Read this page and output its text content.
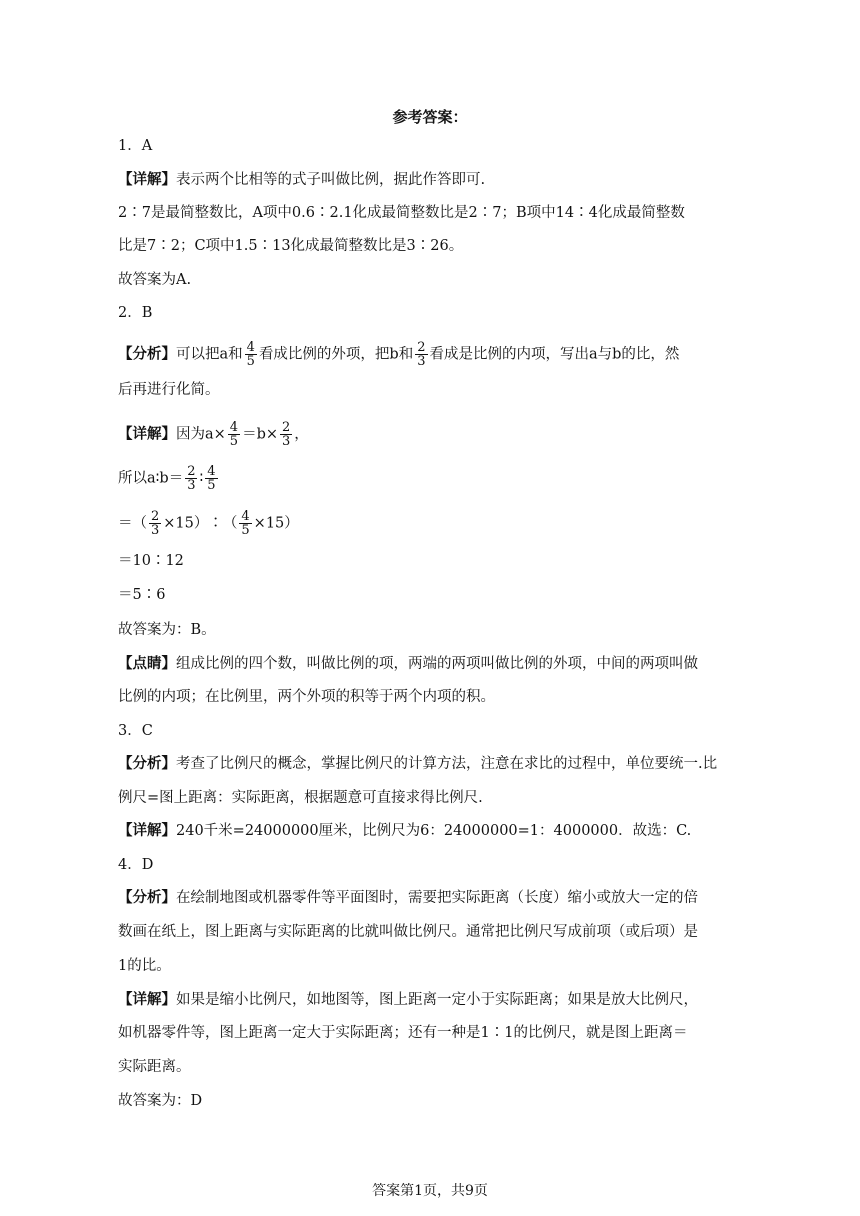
参考答案：
1．A
【详解】表示两个比相等的式子叫做比例，据此作答即可.
2∶7是最简整数比，A项中0.6∶2.1化成最简整数比是2∶7；B项中14∶4化成最简整数
比是7∶2；C项中1.5∶13化成最简整数比是3∶26。
故答案为A.
2．B
【分析】可以把a和 $\frac{4}{5}$ 看成比例的外项，把b和 $\frac{2}{3}$ 看成是比例的内项，写出a与b的比，然
后再进行化简。
【详解】因为$a\times \frac{4}{5} =b\times \frac{2}{3}$ ，
所以a∶b＝ $\frac{2}{3}$ ∶ $\frac{4}{5}$
＝（ $\frac{2}{3}$ ×15）∶（ $\frac{4}{5} \times 15$）
＝10∶12
＝5∶6
故答案为：B。
【点睛】组成比例的四个数，叫做比例的项，两端的两项叫做比例的外项，中间的两项叫做
比例的内项；在比例里，两个外项的积等于两个内项的积。
3．C
【分析】考查了比例尺的概念，掌握比例尺的计算方法，注意在求比的过程中，单位要统一.比
例尺=图上距离：实际距离，根据题意可直接求得比例尺.
【详解】240千米=24000000厘米，比例尺为6：24000000=1：4000000．故选：C.
4．D
【分析】在绘制地图或机器零件等平面图时，需要把实际距离（长度）缩小或放大一定的倍
数画在纸上，图上距离与实际距离的比就叫做比例尺。通常把比例尺写成前项（或后项）是
1的比。
【详解】如果是缩小比例尺，如地图等，图上距离一定小于实际距离；如果是放大比例尺，
如机器零件等，图上距离一定大于实际距离；还有一种是1∶1的比例尺，就是图上距离＝
实际距离。
故答案为：D
答案第1页，共9页
